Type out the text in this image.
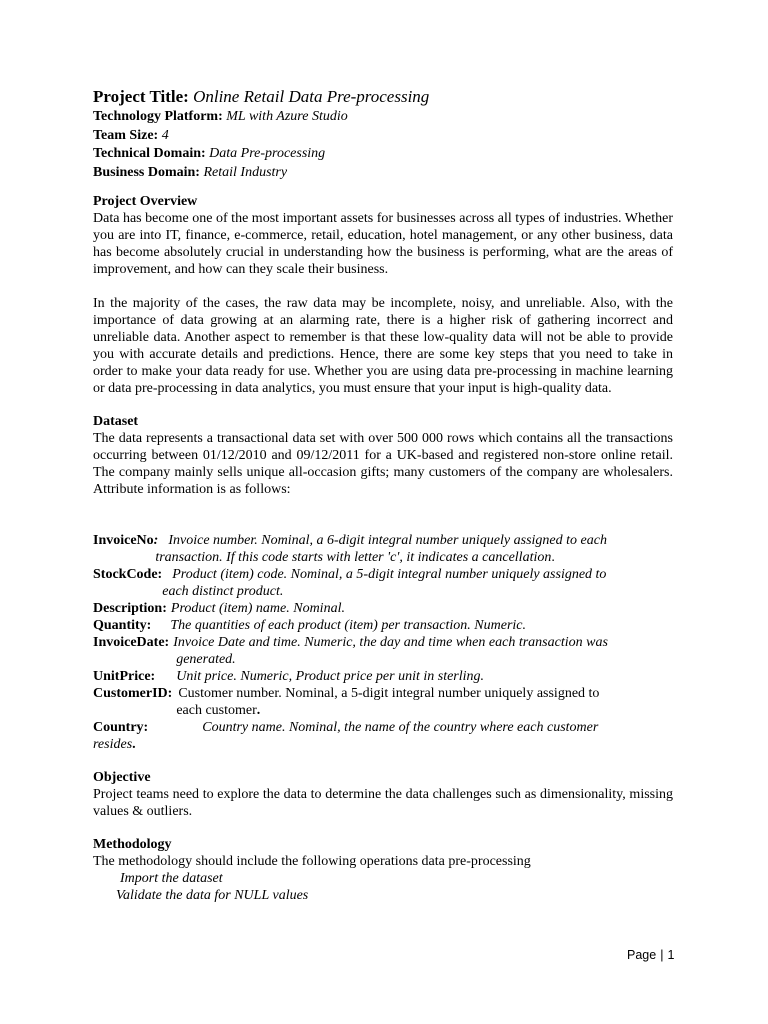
Project Title: Online Retail Data Pre-processing
Technology Platform: ML with Azure Studio
Team Size: 4
Technical Domain: Data Pre-processing
Business Domain: Retail Industry
Project Overview

Data has become one of the most important assets for businesses across all types of industries. Whether you are into IT, finance, e-commerce, retail, education, hotel management, or any other business, data has become absolutely crucial in understanding how the business is performing, what are the areas of improvement, and how can they scale their business.

In the majority of the cases, the raw data may be incomplete, noisy, and unreliable. Also, with the importance of data growing at an alarming rate, there is a higher risk of gathering incorrect and unreliable data. Another aspect to remember is that these low-quality data will not be able to provide you with accurate details and predictions. Hence, there are some key steps that you need to take in order to make your data ready for use. Whether you are using data pre-processing in machine learning or data pre-processing in data analytics, you must ensure that your input is high-quality data.

Dataset

The data represents a transactional data set with over 500 000 rows which contains all the transactions occurring between 01/12/2010 and 09/12/2011 for a UK-based and registered non-store online retail. The company mainly sells unique all-occasion gifts; many customers of the company are wholesalers. Attribute information is as follows:

InvoiceNo: Invoice number. Nominal, a 6-digit integral number uniquely assigned to each
transaction. If this code starts with letter 'c', it indicates a cancellation.
StockCode: Product (item) code. Nominal, a 5-digit integral number uniquely assigned to
each distinct product.
Description: Product (item) name. Nominal.
Quantity:	The quantities of each product (item) per transaction. Numeric.
InvoiceDate: Invoice Date and time. Numeric, the day and time when each transaction was
generated.
UnitPrice:	Unit price. Numeric, Product price per unit in sterling.
CustomerID: Customer number. Nominal, a 5-digit integral number uniquely assigned to
each customer.
Country:	Country name. Nominal, the name of the country where each customer
resides.
Objective

Project teams need to explore the data to determine the data challenges such as dimensionality, missing values & outliers.

Methodology

The methodology should include the following operations data pre-processing

Import the dataset
Validate the data for NULL values
Page | 1
